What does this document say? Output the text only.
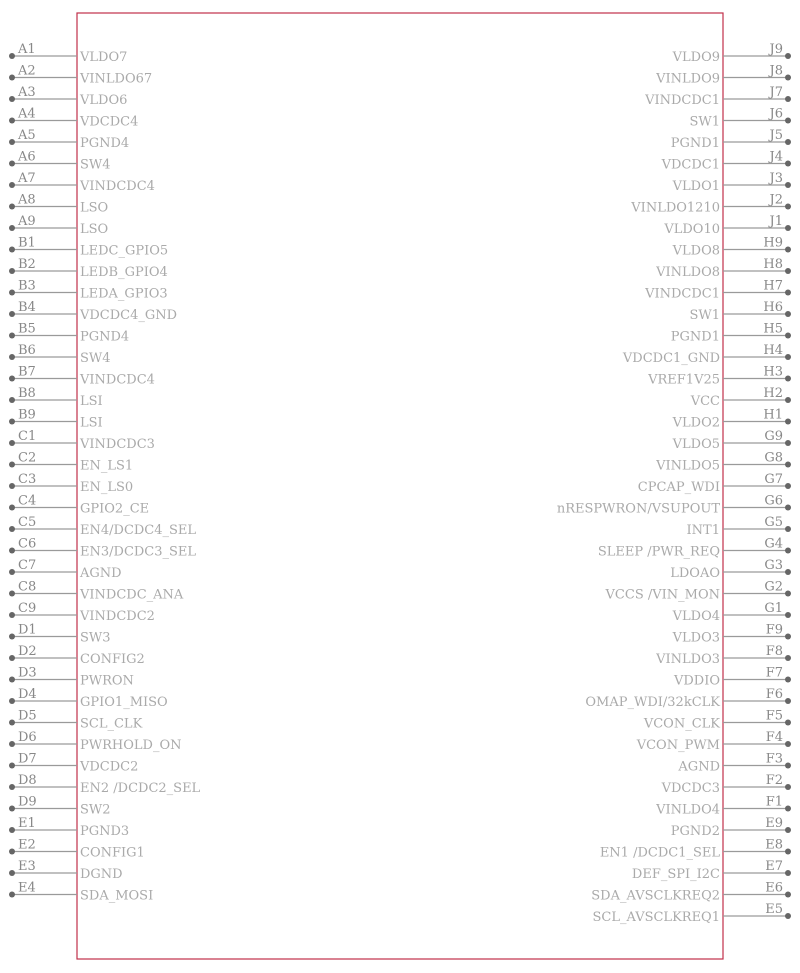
A1
VLDO7
A2
VINLDO67
A3
VLDO6
A4
VDCDC4
A5
PGND4
A6
SW4
A7
VINDCDC4
A8
LSO
A9
LSO
B1
LEDC_GPIO5
B2
LEDB_GPIO4
B3
LEDA_GPIO3
B4
VDCDC4_GND
B5
PGND4
B6
SW4
B7
VINDCDC4
B8
LSI
B9
LSI
C1
VINDCDC3
C2
EN_LS1
C3
EN_LS0
C4
GPIO2_CE
C5
EN4/DCDC4_SEL
C6
EN3/DCDC3_SEL
C7
AGND
C8
VINDCDC_ANA
C9
VINDCDC2
D1
SW3
D2
CONFIG2
D3
PWRON
D4
GPIO1_MISO
D5
SCL_CLK
D6
PWRHOLD_ON
D7
VDCDC2
D8
EN2 /DCDC2_SEL
D9
SW2
E1
PGND3
E2
CONFIG1
E3
DGND
E4
SDA_MOSI
J9
VLDO9
J8
VINLDO9
J7
VINDCDC1
J6
SW1
J5
PGND1
J4
VDCDC1
J3
VLDO1
J2
VINLDO1210
J1
VLDO10
H9
VLDO8
H8
VINLDO8
H7
VINDCDC1
H6
SW1
H5
PGND1
H4
VDCDC1_GND
H3
VREF1V25
H2
VCC
H1
VLDO2
G9
VLDO5
G8
VINLDO5
G7
CPCAP_WDI
G6
nRESPWRON/VSUPOUT
G5
INT1
G4
SLEEP /PWR_REQ
G3
LDOAO
G2
VCCS /VIN_MON
G1
VLDO4
F9
VLDO3
F8
VINLDO3
F7
VDDIO
F6
OMAP_WDI/32kCLK
F5
VCON_CLK
F4
VCON_PWM
F3
AGND
F2
VDCDC3
F1
VINLDO4
E9
PGND2
E8
EN1 /DCDC1_SEL
E7
DEF_SPI_I2C
E6
SDA_AVSCLKREQ2
E5
SCL_AVSCLKREQ1
